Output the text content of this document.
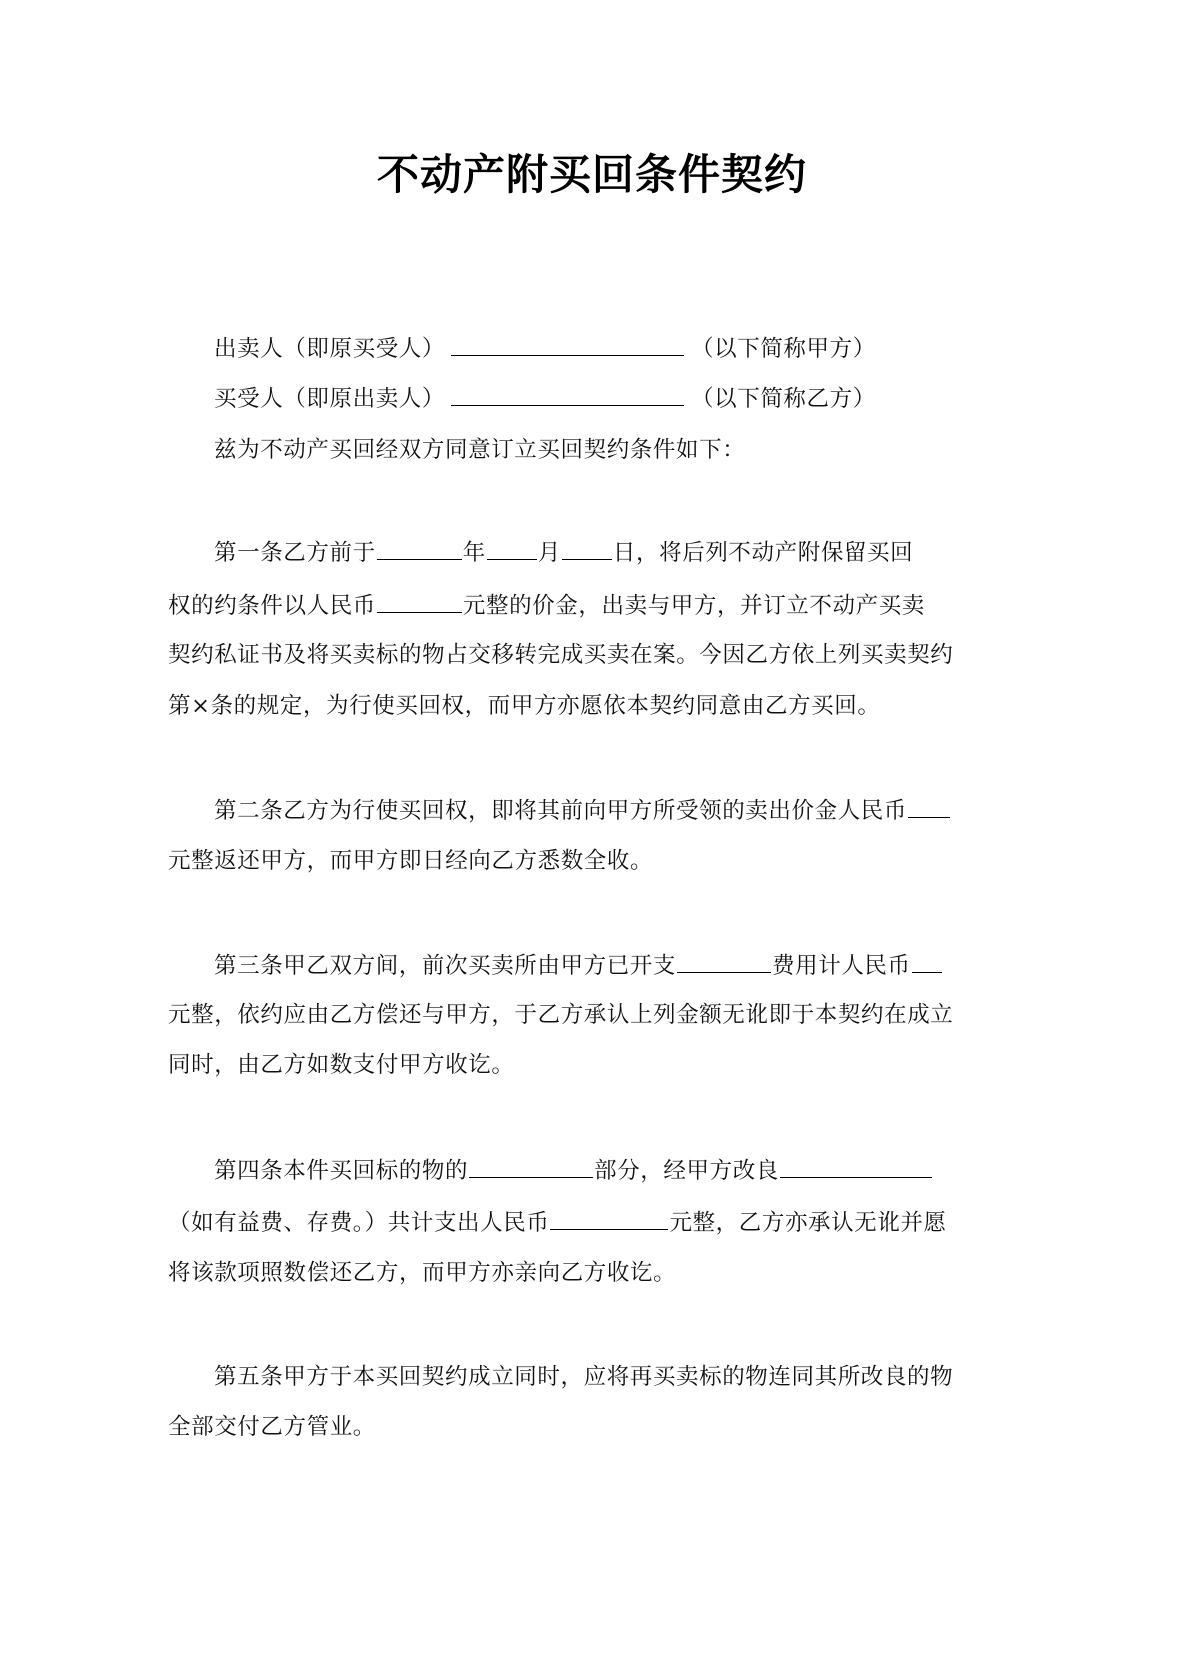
不动产附买回条件契约
出卖人（即原买受人）	（以下简称甲方）
买受人（即原出卖人）	（以下简称乙方）
兹为不动产买回经双方同意订立买回契约条件如下：
第一条乙方前于	年 月 日，将后列不动产附保留买回
权的约条件以人民币	元整的价金，出卖与甲方，并订立不动产买卖
契约私证书及将买卖标的物占交移转完成买卖在案。今因乙方依上列买卖契约
第×条的规定，为行使买回权，而甲方亦愿依本契约同意由乙方买回。
第二条乙方为行使买回权，即将其前向甲方所受领的卖出价金人民币
元整返还甲方，而甲方即日经向乙方悉数全收。
第三条甲乙双方间，前次买卖所由甲方已开支	费用计人民币
元整，依约应由乙方偿还与甲方，于乙方承认上列金额无讹即于本契约在成立
同时，由乙方如数支付甲方收讫。
第四条本件买回标的物的	部分，经甲方改良
（如有益费、存费。）共计支出人民币	元整，乙方亦承认无讹并愿
将该款项照数偿还乙方，而甲方亦亲向乙方收讫。
第五条甲方于本买回契约成立同时，应将再买卖标的物连同其所改良的物
全部交付乙方管业。
